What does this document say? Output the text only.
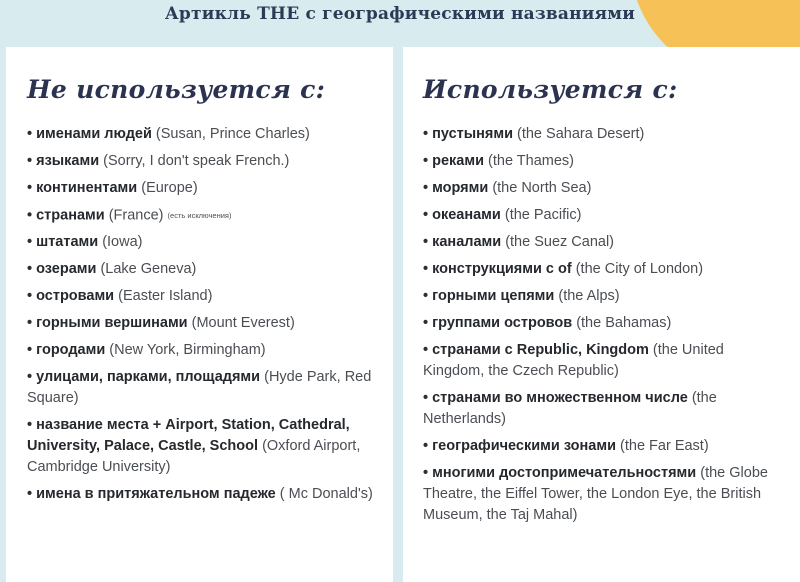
Артикль THE с географическими названиями
Не используется с:
• именами людей (Susan, Prince Charles)
• языками (Sorry, I don't speak French.)
• континентами (Europe)
• странами (France) (есть исключения)
• штатами (Iowa)
• озерами (Lake Geneva)
• островами (Easter Island)
• горными вершинами (Mount Everest)
• городами (New York, Birmingham)
• улицами, парками, площадями (Hyde Park, Red Square)
• название места + Airport, Station, Cathedral, University, Palace, Castle, School (Oxford Airport, Cambridge University)
• имена в притяжательном падеже ( Mc Donald's)
Используется с:
• пустынями (the Sahara Desert)
• реками (the Thames)
• морями (the North Sea)
• океанами (the Pacific)
• каналами (the Suez Canal)
• конструкциями с of (the City of London)
• горными цепями (the Alps)
• группами островов (the Bahamas)
• странами с Republic, Kingdom (the United Kingdom, the Czech Republic)
• странами во множественном числе (the Netherlands)
• географическими зонами (the Far East)
• многими достопримечательностями (the Globe Theatre, the Eiffel Tower, the London Eye, the British Museum, the Taj Mahal)
